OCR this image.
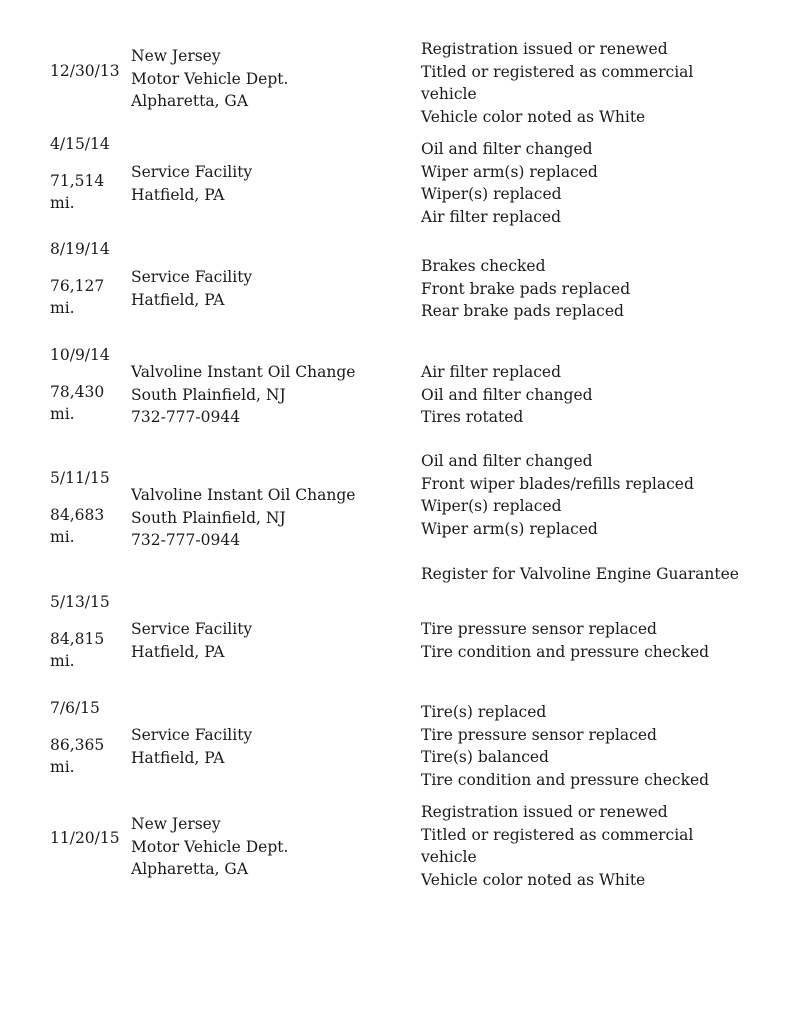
12/30/13
New Jersey
Motor Vehicle Dept.
Alpharetta, GA
Registration issued or renewed
Titled or registered as commercial
vehicle
Vehicle color noted as White
4/15/14
71,514 mi.
Service Facility
Hatfield, PA
Oil and filter changed
Wiper arm(s) replaced
Wiper(s) replaced
Air filter replaced
8/19/14
76,127 mi.
Service Facility
Hatfield, PA
Brakes checked
Front brake pads replaced
Rear brake pads replaced
10/9/14
78,430 mi.
Valvoline Instant Oil Change
South Plainfield, NJ
732-777-0944
Air filter replaced
Oil and filter changed
Tires rotated
5/11/15
84,683 mi.
Valvoline Instant Oil Change
South Plainfield, NJ
732-777-0944
Oil and filter changed
Front wiper blades/refills replaced
Wiper(s) replaced
Wiper arm(s) replaced

Register for Valvoline Engine Guarantee
5/13/15
84,815 mi.
Service Facility
Hatfield, PA
Tire pressure sensor replaced
Tire condition and pressure checked
7/6/15
86,365 mi.
Service Facility
Hatfield, PA
Tire(s) replaced
Tire pressure sensor replaced
Tire(s) balanced
Tire condition and pressure checked
11/20/15
New Jersey
Motor Vehicle Dept.
Alpharetta, GA
Registration issued or renewed
Titled or registered as commercial
vehicle
Vehicle color noted as White
